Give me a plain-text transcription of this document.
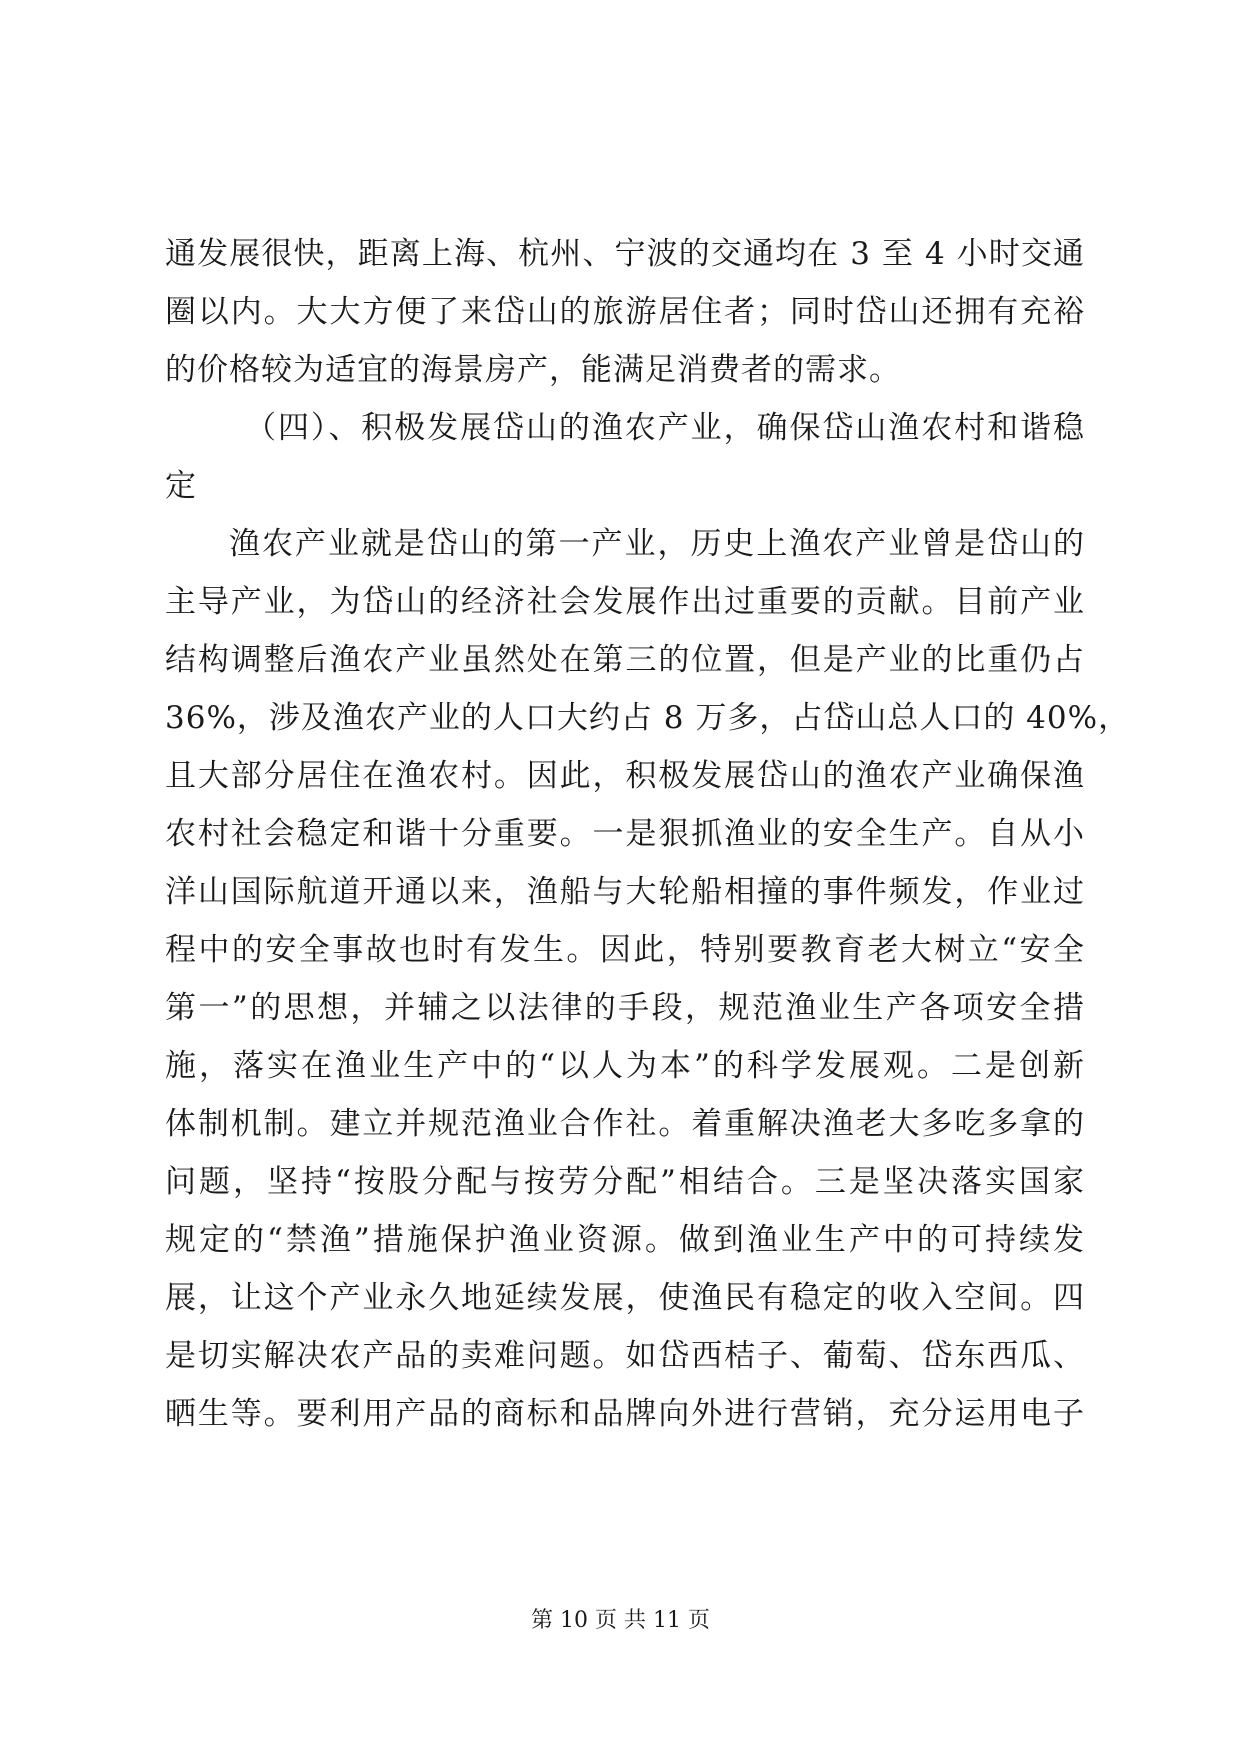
通发展很快，距离上海、杭州、宁波的交通均在 3 至 4 小时交通
圈以内。大大方便了来岱山的旅游居住者；同时岱山还拥有充裕
的价格较为适宜的海景房产，能满足消费者的需求。
（四）、积极发展岱山的渔农产业，确保岱山渔农村和谐稳
定
渔农产业就是岱山的第一产业，历史上渔农产业曾是岱山的
主导产业，为岱山的经济社会发展作出过重要的贡献。目前产业
结构调整后渔农产业虽然处在第三的位置，但是产业的比重仍占
36%，涉及渔农产业的人口大约占 8 万多，占岱山总人口的 40%，
且大部分居住在渔农村。因此，积极发展岱山的渔农产业确保渔
农村社会稳定和谐十分重要。一是狠抓渔业的安全生产。自从小
洋山国际航道开通以来，渔船与大轮船相撞的事件频发，作业过
程中的安全事故也时有发生。因此，特别要教育老大树立“安全
第一”的思想，并辅之以法律的手段，规范渔业生产各项安全措
施，落实在渔业生产中的“以人为本”的科学发展观。二是创新
体制机制。建立并规范渔业合作社。着重解决渔老大多吃多拿的
问题，坚持“按股分配与按劳分配”相结合。三是坚决落实国家
规定的“禁渔”措施保护渔业资源。做到渔业生产中的可持续发
展，让这个产业永久地延续发展，使渔民有稳定的收入空间。四
是切实解决农产品的卖难问题。如岱西桔子、葡萄、岱东西瓜、
晒生等。要利用产品的商标和品牌向外进行营销，充分运用电子
第 10 页 共 11 页
